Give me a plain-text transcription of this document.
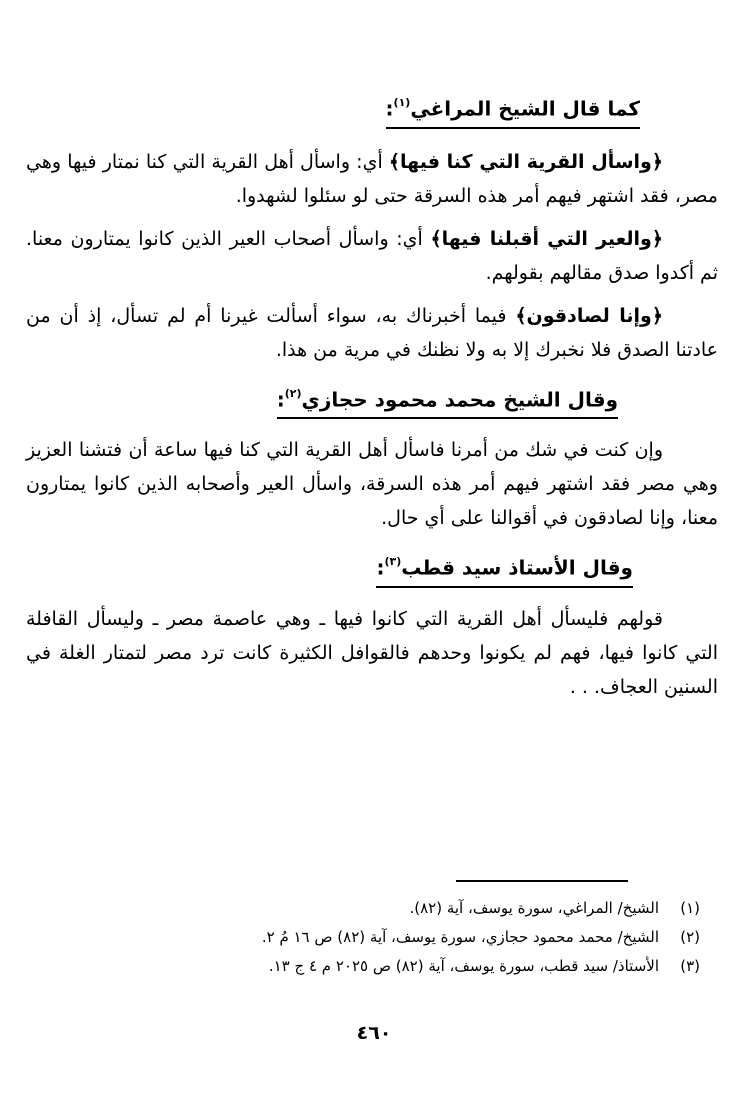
كما قال الشيخ المراغي$^{(١)}$:

﴿واسأل القرية التي كنا فيها﴾ أي: واسأل أهل القرية التي كنا نمتار فيها وهي مصر، فقد اشتهر فيهم أمر هذه السرقة حتى لو سئلوا لشهدوا.

﴿والعير التي أقبلنا فيها﴾ أي: واسأل أصحاب العير الذين كانوا يمتارون معنا. ثم أكدوا صدق مقالهم بقولهم.

﴿وإنا لصادقون﴾ فيما أخبرناك به، سواء أسألت غيرنا أم لم تسأل، إذ أن من عادتنا الصدق فلا نخبرك إلا به ولا نظنك في مرية من هذا.

وقال الشيخ محمد محمود حجازي$^{(٢)}$:

وإن كنت في شك من أمرنا فاسأل أهل القرية التي كنا فيها ساعة أن فتشنا العزيز وهي مصر فقد اشتهر فيهم أمر هذه السرقة، واسأل العير وأصحابه الذين كانوا يمتارون معنا، وإنا لصادقون في أقوالنا على أي حال.

وقال الأستاذ سيد قطب$^{(٣)}$:

قولهم فليسأل أهل القرية التي كانوا فيها ـ وهي عاصمة مصر ـ وليسأل القافلة التي كانوا فيها، فهم لم يكونوا وحدهم فالقوافل الكثيرة كانت ترد مصر لتمتار الغلة في السنين العجاف. . .

(١)
الشيخ/ المراغي، سورة يوسف، آية (٨٢).
(٢)
الشيخ/ محمد محمود حجازي، سورة يوسف، آية (٨٢) ص ١٦ مُ ٢.
(٣)
الأستاذ/ سيد قطب، سورة يوسف، آية (٨٢) ص ٢٠٢٥ م ٤ ج ١٣.
٤٦٠
